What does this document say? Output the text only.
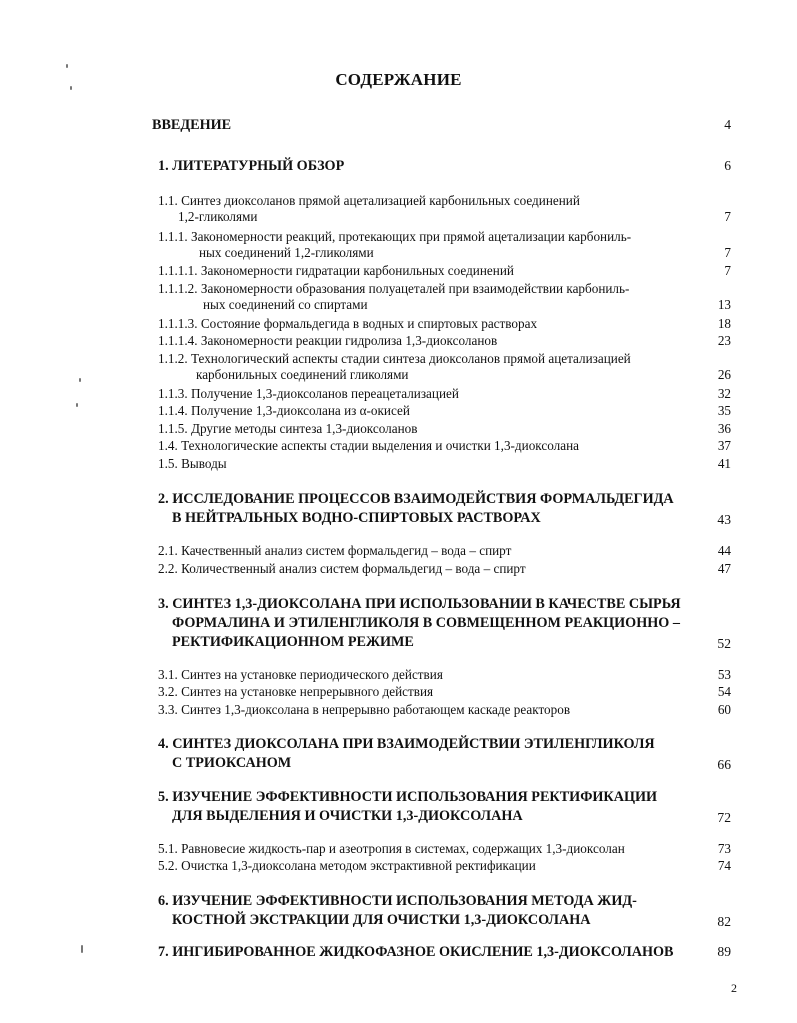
СОДЕРЖАНИЕ
ВВЕДЕНИЕ	4
1. ЛИТЕРАТУРНЫЙ ОБЗОР	6
1.1. Синтез диоксоланов прямой ацетализацией карбонильных соединений
1,2-гликолями	7
1.1.1. Закономерности реакций, протекающих при прямой ацетализации карбониль-
ных соединений 1,2-гликолями	7
1.1.1.1. Закономерности гидратации карбонильных соединений	7
1.1.1.2. Закономерности образования полуацеталей при взаимодействии карбониль-
ных соединений со спиртами	13
1.1.1.3. Состояние формальдегида в водных и спиртовых растворах	18
1.1.1.4. Закономерности реакции гидролиза 1,3-диоксоланов	23
1.1.2. Технологический аспекты стадии синтеза диоксоланов прямой ацетализацией
карбонильных соединений гликолями	26
1.1.3. Получение 1,3-диоксоланов переацетализацией	32
1.1.4. Получение 1,3-диоксолана из α-окисей	35
1.1.5. Другие методы синтеза 1,3-диоксоланов	36
1.4. Технологические аспекты стадии выделения и очистки 1,3-диоксолана	37
1.5. Выводы	41
2. ИССЛЕДОВАНИЕ ПРОЦЕССОВ ВЗАИМОДЕЙСТВИЯ ФОРМАЛЬДЕГИДА
В НЕЙТРАЛЬНЫХ ВОДНО-СПИРТОВЫХ РАСТВОРАХ	43
2.1. Качественный анализ систем формальдегид – вода – спирт	44
2.2. Количественный анализ систем формальдегид – вода – спирт	47
3. СИНТЕЗ 1,3-ДИОКСОЛАНА ПРИ ИСПОЛЬЗОВАНИИ В КАЧЕСТВЕ СЫРЬЯ
ФОРМАЛИНА И ЭТИЛЕНГЛИКОЛЯ В СОВМЕЩЕННОМ РЕАКЦИОННО –
РЕКТИФИКАЦИОННОМ РЕЖИМЕ	52
3.1. Синтез на установке периодического действия	53
3.2. Синтез на установке непрерывного действия	54
3.3. Синтез 1,3-диоксолана в непрерывно работающем каскаде реакторов	60
4. СИНТЕЗ ДИОКСОЛАНА ПРИ ВЗАИМОДЕЙСТВИИ ЭТИЛЕНГЛИКОЛЯ
С ТРИОКСАНОМ	66
5. ИЗУЧЕНИЕ ЭФФЕКТИВНОСТИ ИСПОЛЬЗОВАНИЯ РЕКТИФИКАЦИИ
ДЛЯ ВЫДЕЛЕНИЯ И ОЧИСТКИ 1,3-ДИОКСОЛАНА	72
5.1. Равновесие жидкость-пар и азеотропия в системах, содержащих 1,3-диоксолан	73
5.2. Очистка 1,3-диоксолана методом экстрактивной ректификации	74
6. ИЗУЧЕНИЕ ЭФФЕКТИВНОСТИ ИСПОЛЬЗОВАНИЯ МЕТОДА ЖИД-
КОСТНОЙ ЭКСТРАКЦИИ ДЛЯ ОЧИСТКИ 1,3-ДИОКСОЛАНА	82
7. ИНГИБИРОВАННОЕ ЖИДКОФАЗНОЕ ОКИСЛЕНИЕ 1,3-ДИОКСОЛАНОВ	89
2
